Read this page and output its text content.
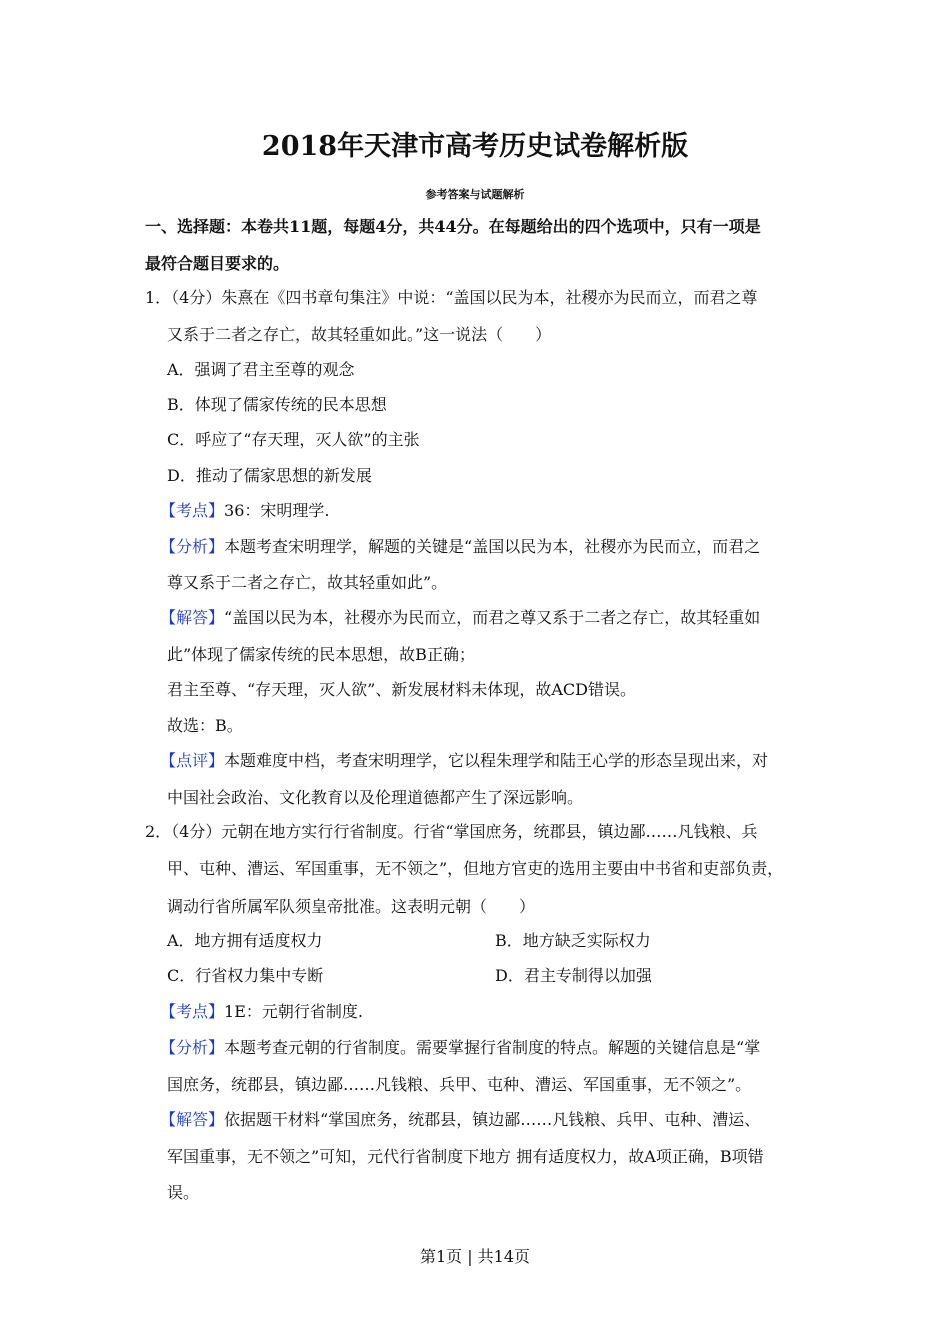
2018年天津市高考历史试卷解析版
参考答案与试题解析
一、选择题：本卷共11题，每题4分，共44分。在每题给出的四个选项中，只有一项是
最符合题目要求的。
1．（4分）朱熹在《四书章句集注》中说：“盖国以民为本，社稷亦为民而立，而君之尊
又系于二者之存亡，故其轻重如此。”这一说法（　　）
A．强调了君主至尊的观念
B．体现了儒家传统的民本思想
C．呼应了“存天理，灭人欲”的主张
D．推动了儒家思想的新发展
【考点】36：宋明理学.
【分析】本题考查宋明理学，解题的关键是“盖国以民为本，社稷亦为民而立，而君之
尊又系于二者之存亡，故其轻重如此”。
【解答】“盖国以民为本，社稷亦为民而立，而君之尊又系于二者之存亡，故其轻重如
此”体现了儒家传统的民本思想，故B正确；
君主至尊、“存天理，灭人欲”、新发展材料未体现，故ACD错误。
故选：B。
【点评】本题难度中档，考查宋明理学，它以程朱理学和陆王心学的形态呈现出来，对
中国社会政治、文化教育以及伦理道德都产生了深远影响。
2．（4分）元朝在地方实行行省制度。行省“掌国庶务，统郡县，镇边鄙……凡钱粮、兵
甲、屯种、漕运、军国重事，无不领之”，但地方官吏的选用主要由中书省和吏部负责，
调动行省所属军队须皇帝批准。这表明元朝（　　）
A．地方拥有适度权力	B．地方缺乏实际权力
C．行省权力集中专断	D．君主专制得以加强
【考点】1E：元朝行省制度.
【分析】本题考查元朝的行省制度。需要掌握行省制度的特点。解题的关键信息是“掌
国庶务，统郡县，镇边鄙……凡钱粮、兵甲、屯种、漕运、军国重事，无不领之”。
【解答】依据题干材料“掌国庶务，统郡县，镇边鄙……凡钱粮、兵甲、屯种、漕运、
军国重事，无不领之”可知，元代行省制度下地方 拥有适度权力，故A项正确，B项错
误。
第1页 | 共14页
